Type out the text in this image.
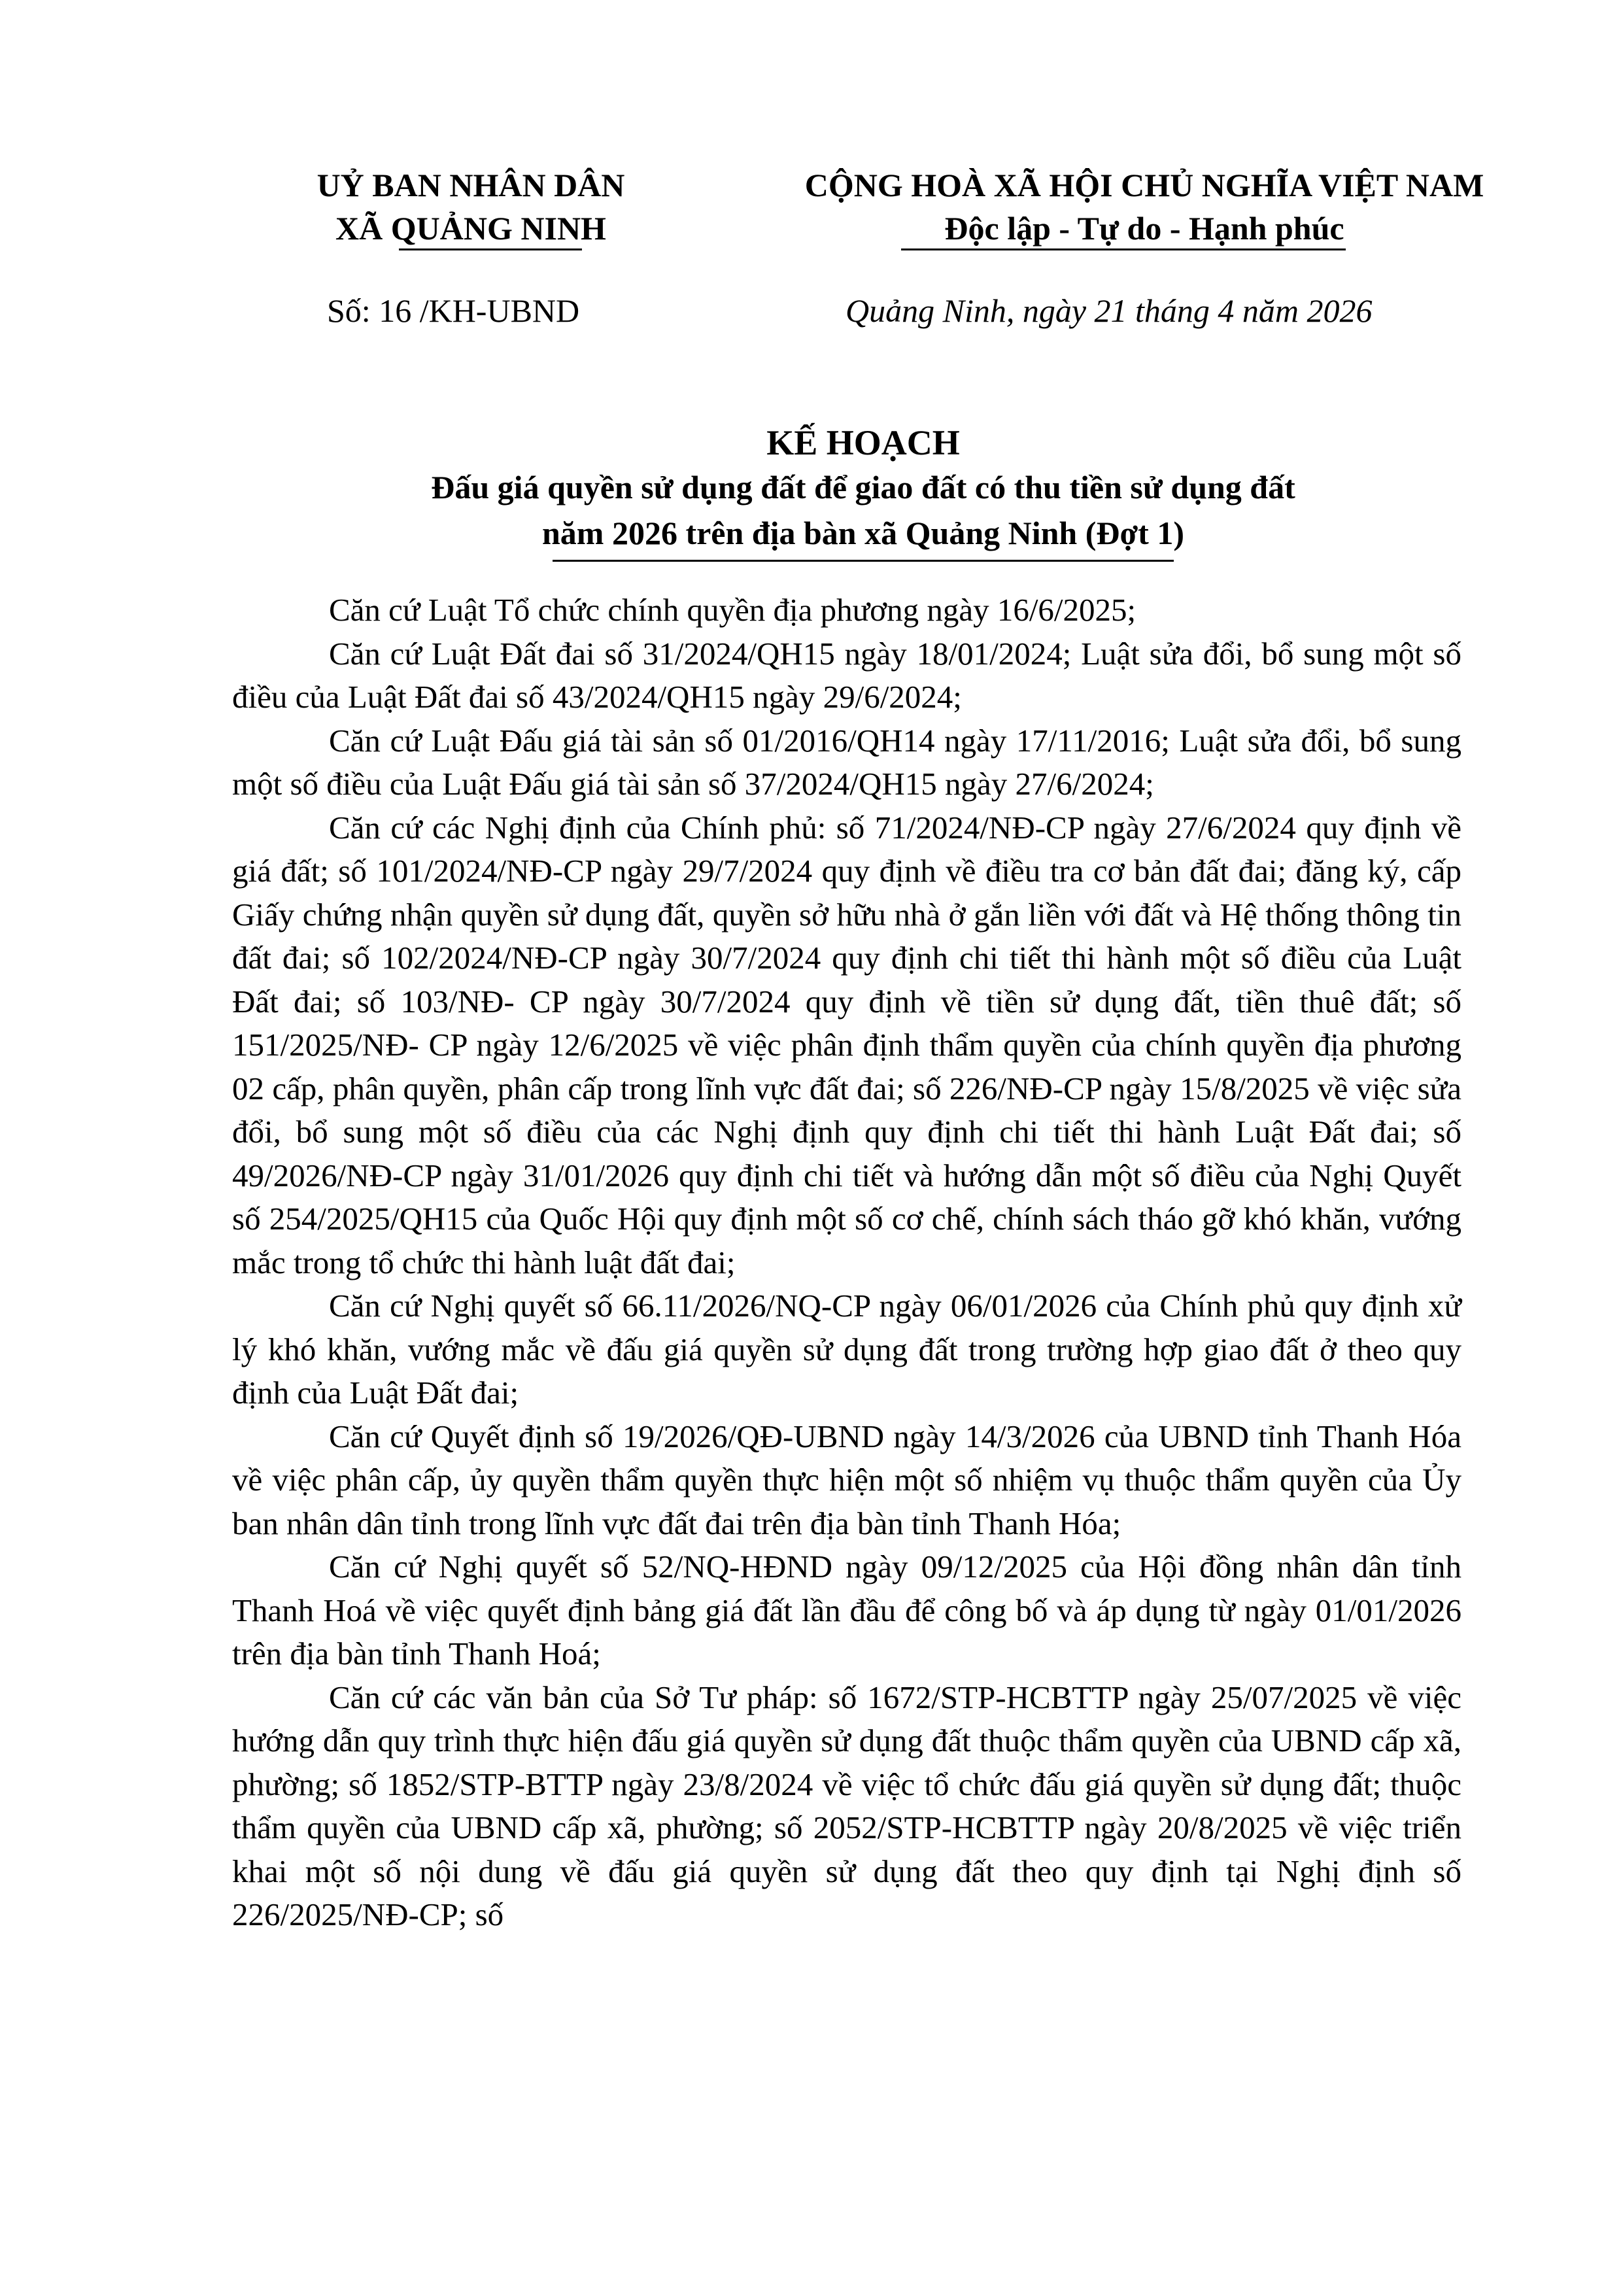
UỶ BAN NHÂN DÂN
XÃ QUẢNG NINH
CỘNG HOÀ XÃ HỘI CHỦ NGHĨA VIỆT NAM
Độc lập - Tự do - Hạnh phúc
Số: 16 /KH-UBND	Quảng Ninh, ngày 21 tháng 4 năm 2026
KẾ HOẠCH
Đấu giá quyền sử dụng đất để giao đất có thu tiền sử dụng đất
năm 2026 trên địa bàn xã Quảng Ninh (Đợt 1)

Căn cứ Luật Tổ chức chính quyền địa phương ngày 16/6/2025;

Căn cứ Luật Đất đai số 31/2024/QH15 ngày 18/01/2024; Luật sửa đổi, bổ sung một số điều của Luật Đất đai số 43/2024/QH15 ngày 29/6/2024;

Căn cứ Luật Đấu giá tài sản số 01/2016/QH14 ngày 17/11/2016; Luật sửa đổi, bổ sung một số điều của Luật Đấu giá tài sản số 37/2024/QH15 ngày 27/6/2024;

Căn cứ các Nghị định của Chính phủ: số 71/2024/NĐ-CP ngày 27/6/2024 quy định về giá đất; số 101/2024/NĐ-CP ngày 29/7/2024 quy định về điều tra cơ bản đất đai; đăng ký, cấp Giấy chứng nhận quyền sử dụng đất, quyền sở hữu nhà ở gắn liền với đất và Hệ thống thông tin đất đai; số 102/2024/NĐ-CP ngày 30/7/2024 quy định chi tiết thi hành một số điều của Luật Đất đai; số 103/NĐ- CP ngày 30/7/2024 quy định về tiền sử dụng đất, tiền thuê đất; số 151/2025/NĐ- CP ngày 12/6/2025 về việc phân định thẩm quyền của chính quyền địa phương 02 cấp, phân quyền, phân cấp trong lĩnh vực đất đai; số 226/NĐ-CP ngày 15/8/2025 về việc sửa đổi, bổ sung một số điều của các Nghị định quy định chi tiết thi hành Luật Đất đai; số 49/2026/NĐ-CP ngày 31/01/2026 quy định chi tiết và hướng dẫn một số điều của Nghị Quyết số 254/2025/QH15 của Quốc Hội quy định một số cơ chế, chính sách tháo gỡ khó khăn, vướng mắc trong tổ chức thi hành luật đất đai;

Căn cứ Nghị quyết số 66.11/2026/NQ-CP ngày 06/01/2026 của Chính phủ quy định xử lý khó khăn, vướng mắc về đấu giá quyền sử dụng đất trong trường hợp giao đất ở theo quy định của Luật Đất đai;

Căn cứ Quyết định số 19/2026/QĐ-UBND ngày 14/3/2026 của UBND tỉnh Thanh Hóa về việc phân cấp, ủy quyền thẩm quyền thực hiện một số nhiệm vụ thuộc thẩm quyền của Ủy ban nhân dân tỉnh trong lĩnh vực đất đai trên địa bàn tỉnh Thanh Hóa;

Căn cứ Nghị quyết số 52/NQ-HĐND ngày 09/12/2025 của Hội đồng nhân dân tỉnh Thanh Hoá về việc quyết định bảng giá đất lần đầu để công bố và áp dụng từ ngày 01/01/2026 trên địa bàn tỉnh Thanh Hoá;

Căn cứ các văn bản của Sở Tư pháp: số 1672/STP-HCBTTP ngày 25/07/2025 về việc hướng dẫn quy trình thực hiện đấu giá quyền sử dụng đất thuộc thẩm quyền của UBND cấp xã, phường; số 1852/STP-BTTP ngày 23/8/2024 về việc tổ chức đấu giá quyền sử dụng đất; thuộc thẩm quyền của UBND cấp xã, phường; số 2052/STP-HCBTTP ngày 20/8/2025 về việc triển khai một số nội dung về đấu giá quyền sử dụng đất theo quy định tại Nghị định số 226/2025/NĐ-CP; số
